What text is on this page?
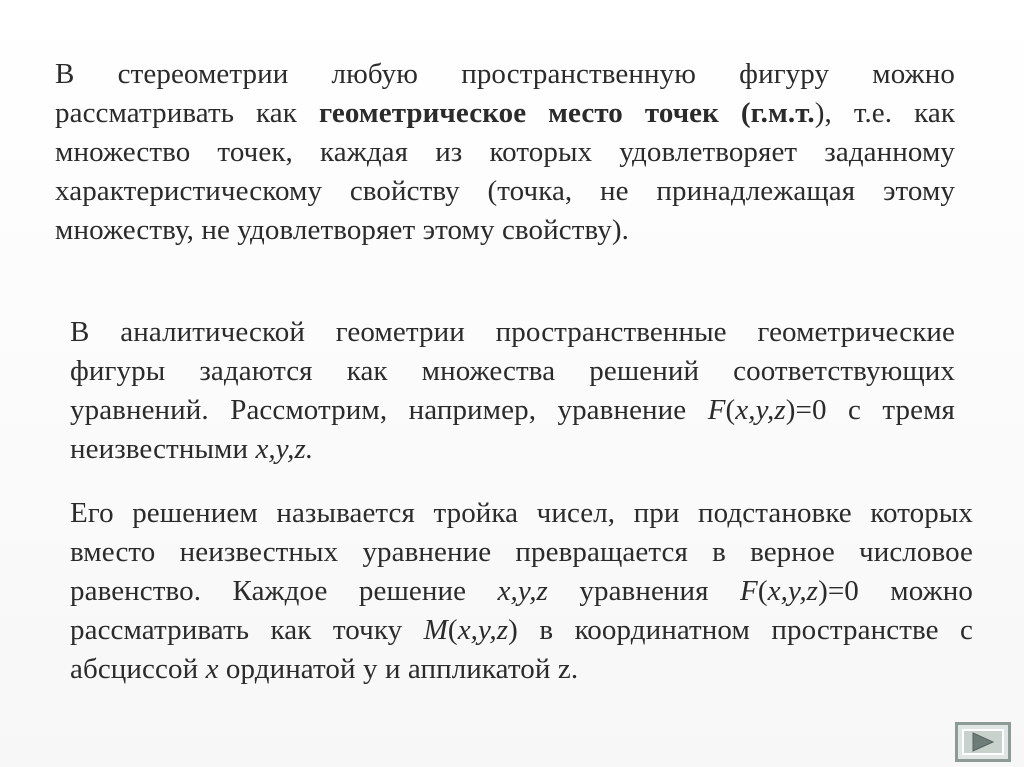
В стереометрии любую пространственную фигуру можно рассматривать как геометрическое место точек (г.м.т.), т.е. как множество точек, каждая из которых удовлетворяет заданному характеристическому свойству (точка, не принадлежащая этому множеству, не удовлетворяет этому свойству).
В аналитической геометрии пространственные геометрические фигуры задаются как множества решений соответствующих уравнений. Рассмотрим, например, уравнение F(x,y,z)=0 с тремя неизвестными x,y,z.
Его решением называется тройка чисел, при подстановке которых вместо неизвестных уравнение превращается в верное числовое равенство. Каждое решение x,y,z уравнения F(x,y,z)=0 можно рассматривать как точку M(x,y,z) в координатном пространстве с абсциссой x ординатой y и аппликатой z.
